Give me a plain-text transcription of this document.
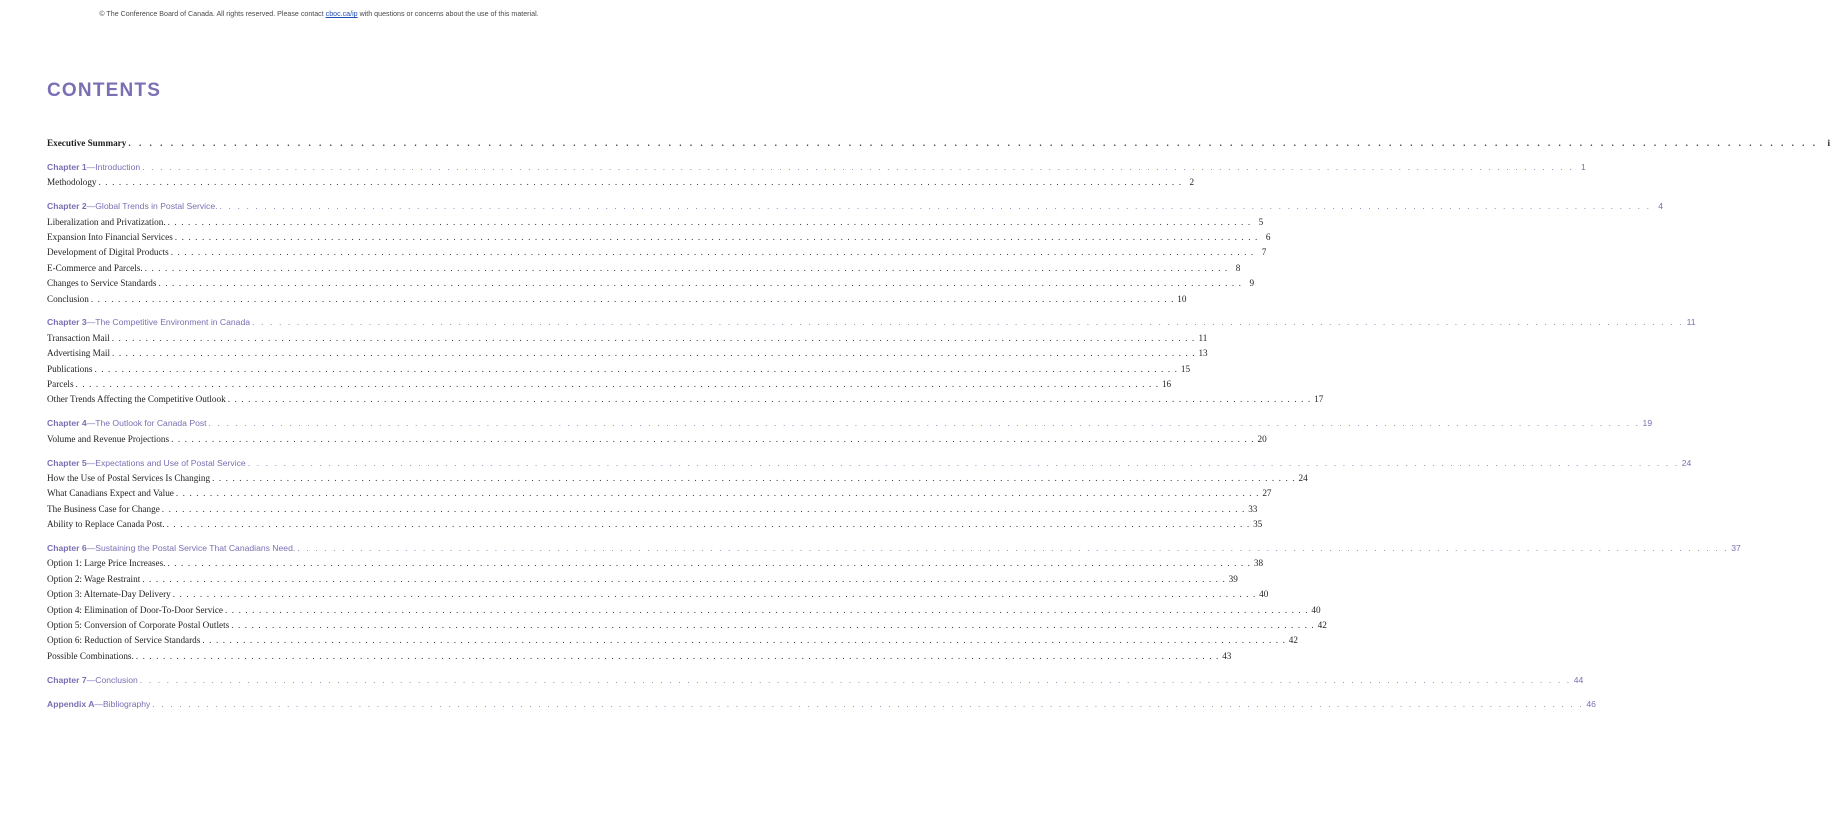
© The Conference Board of Canada. All rights reserved. Please contact cboc.ca/ip with questions or concerns about the use of this material.
CONTENTS
Executive Summary . . . . . . . . . . . . . . . . . . . . . . . . . . . . . . . . . . . . . . . . . . . . . . . . . . . . . . . . . . . . . . . . . . . . . . . . . . . . . . . . . . . . . . . . . . . . . . . . . . . . . . . . . . . . . . . . . . . . . . . . . . . . . . . . . . . . . . . . . . . . . . . . . . . . . . . . . . . . . . . .	i
Chapter 1 —Introduction . . . . . . . . . . . . . . . . . . . . . . . . . . . . . . . . . . . . . . . . . . . . . . . . . . . . . . . . . . . . . . . . . . . . . . . . . . . . . . . . . . . . . . . . . . . . . . . . . . . . . . . . . . . . . . . . . . . . . . . . . . . . . . . . . . . . . . . . . . . . . . . . . . . . . . . . . . . . . . . . 1
Methodology . . . . . . . . . . . . . . . . . . . . . . . . . . . . . . . . . . . . . . . . . . . . . . . . . . . . . . . . . . . . . . . . . . . . . . . . . . . . . . . . . . . . . . . . . . . . . . . . . . . . . . . . . . . . . . . . . . . . . . . . . . . . . . . . . . . . . . . . . . . . . . . . . . . . . . . . . . . . . . . . 2
Chapter 2 —Global Trends in Postal Service. . . . . . . . . . . . . . . . . . . . . . . . . . . . . . . . . . . . . . . . . . . . . . . . . . . . . . . . . . . . . . . . . . . . . . . . . . . . . . . . . . . . . . . . . . . . . . . . . . . . . . . . . . . . . . . . . . . . . . . . . . . . . . . . . . . . . . . . . . . . . . . . . . . . . . . . . . . . . . . . . 4
Liberalization and Privatization. . . . . . . . . . . . . . . . . . . . . . . . . . . . . . . . . . . . . . . . . . . . . . . . . . . . . . . . . . . . . . . . . . . . . . . . . . . . . . . . . . . . . . . . . . . . . . . . . . . . . . . . . . . . . . . . . . . . . . . . . . . . . . . . . . . . . . . . . . . . . . . . . . . . . . . . . . . . . . . . . 5
Expansion Into Financial Services . . . . . . . . . . . . . . . . . . . . . . . . . . . . . . . . . . . . . . . . . . . . . . . . . . . . . . . . . . . . . . . . . . . . . . . . . . . . . . . . . . . . . . . . . . . . . . . . . . . . . . . . . . . . . . . . . . . . . . . . . . . . . . . . . . . . . . . . . . . . . . . . . . . . . . . . . . . . . . . . 6
Development of Digital Products . . . . . . . . . . . . . . . . . . . . . . . . . . . . . . . . . . . . . . . . . . . . . . . . . . . . . . . . . . . . . . . . . . . . . . . . . . . . . . . . . . . . . . . . . . . . . . . . . . . . . . . . . . . . . . . . . . . . . . . . . . . . . . . . . . . . . . . . . . . . . . . . . . . . . . . . . . . . . . . . 7
E-Commerce and Parcels. . . . . . . . . . . . . . . . . . . . . . . . . . . . . . . . . . . . . . . . . . . . . . . . . . . . . . . . . . . . . . . . . . . . . . . . . . . . . . . . . . . . . . . . . . . . . . . . . . . . . . . . . . . . . . . . . . . . . . . . . . . . . . . . . . . . . . . . . . . . . . . . . . . . . . . . . . . . . . . . . 8
Changes to Service Standards . . . . . . . . . . . . . . . . . . . . . . . . . . . . . . . . . . . . . . . . . . . . . . . . . . . . . . . . . . . . . . . . . . . . . . . . . . . . . . . . . . . . . . . . . . . . . . . . . . . . . . . . . . . . . . . . . . . . . . . . . . . . . . . . . . . . . . . . . . . . . . . . . . . . . . . . . . . . . . . . 9
Conclusion . . . . . . . . . . . . . . . . . . . . . . . . . . . . . . . . . . . . . . . . . . . . . . . . . . . . . . . . . . . . . . . . . . . . . . . . . . . . . . . . . . . . . . . . . . . . . . . . . . . . . . . . . . . . . . . . . . . . . . . . . . . . . . . . . . . . . . . . . . . . . . . . . . . . . . . . . . . . . . . . 10
Chapter 3 —The Competitive Environment in Canada . . . . . . . . . . . . . . . . . . . . . . . . . . . . . . . . . . . . . . . . . . . . . . . . . . . . . . . . . . . . . . . . . . . . . . . . . . . . . . . . . . . . . . . . . . . . . . . . . . . . . . . . . . . . . . . . . . . . . . . . . . . . . . . . . . . . . . . . . . . . . . . . . . . . . . . . . . . . . . . . 11
Transaction Mail . . . . . . . . . . . . . . . . . . . . . . . . . . . . . . . . . . . . . . . . . . . . . . . . . . . . . . . . . . . . . . . . . . . . . . . . . . . . . . . . . . . . . . . . . . . . . . . . . . . . . . . . . . . . . . . . . . . . . . . . . . . . . . . . . . . . . . . . . . . . . . . . . . . . . . . . . . . . . . . . 11
Advertising Mail . . . . . . . . . . . . . . . . . . . . . . . . . . . . . . . . . . . . . . . . . . . . . . . . . . . . . . . . . . . . . . . . . . . . . . . . . . . . . . . . . . . . . . . . . . . . . . . . . . . . . . . . . . . . . . . . . . . . . . . . . . . . . . . . . . . . . . . . . . . . . . . . . . . . . . . . . . . . . . . . 13
Publications . . . . . . . . . . . . . . . . . . . . . . . . . . . . . . . . . . . . . . . . . . . . . . . . . . . . . . . . . . . . . . . . . . . . . . . . . . . . . . . . . . . . . . . . . . . . . . . . . . . . . . . . . . . . . . . . . . . . . . . . . . . . . . . . . . . . . . . . . . . . . . . . . . . . . . . . . . . . . . . . 15
Parcels . . . . . . . . . . . . . . . . . . . . . . . . . . . . . . . . . . . . . . . . . . . . . . . . . . . . . . . . . . . . . . . . . . . . . . . . . . . . . . . . . . . . . . . . . . . . . . . . . . . . . . . . . . . . . . . . . . . . . . . . . . . . . . . . . . . . . . . . . . . . . . . . . . . . . . . . . . . . . . . . 16
Other Trends Affecting the Competitive Outlook . . . . . . . . . . . . . . . . . . . . . . . . . . . . . . . . . . . . . . . . . . . . . . . . . . . . . . . . . . . . . . . . . . . . . . . . . . . . . . . . . . . . . . . . . . . . . . . . . . . . . . . . . . . . . . . . . . . . . . . . . . . . . . . . . . . . . . . . . . . . . . . . . . . . . . . . . . . . . . . . 17
Chapter 4 —The Outlook for Canada Post . . . . . . . . . . . . . . . . . . . . . . . . . . . . . . . . . . . . . . . . . . . . . . . . . . . . . . . . . . . . . . . . . . . . . . . . . . . . . . . . . . . . . . . . . . . . . . . . . . . . . . . . . . . . . . . . . . . . . . . . . . . . . . . . . . . . . . . . . . . . . . . . . . . . . . . . . . . . . . . . 19
Volume and Revenue Projections . . . . . . . . . . . . . . . . . . . . . . . . . . . . . . . . . . . . . . . . . . . . . . . . . . . . . . . . . . . . . . . . . . . . . . . . . . . . . . . . . . . . . . . . . . . . . . . . . . . . . . . . . . . . . . . . . . . . . . . . . . . . . . . . . . . . . . . . . . . . . . . . . . . . . . . . . . . . . . . . 20
Chapter 5 —Expectations and Use of Postal Service . . . . . . . . . . . . . . . . . . . . . . . . . . . . . . . . . . . . . . . . . . . . . . . . . . . . . . . . . . . . . . . . . . . . . . . . . . . . . . . . . . . . . . . . . . . . . . . . . . . . . . . . . . . . . . . . . . . . . . . . . . . . . . . . . . . . . . . . . . . . . . . . . . . . . . . . . . . . . . . . 24
How the Use of Postal Services Is Changing . . . . . . . . . . . . . . . . . . . . . . . . . . . . . . . . . . . . . . . . . . . . . . . . . . . . . . . . . . . . . . . . . . . . . . . . . . . . . . . . . . . . . . . . . . . . . . . . . . . . . . . . . . . . . . . . . . . . . . . . . . . . . . . . . . . . . . . . . . . . . . . . . . . . . . . . . . . . . . . . 24
What Canadians Expect and Value . . . . . . . . . . . . . . . . . . . . . . . . . . . . . . . . . . . . . . . . . . . . . . . . . . . . . . . . . . . . . . . . . . . . . . . . . . . . . . . . . . . . . . . . . . . . . . . . . . . . . . . . . . . . . . . . . . . . . . . . . . . . . . . . . . . . . . . . . . . . . . . . . . . . . . . . . . . . . . . . 27
The Business Case for Change . . . . . . . . . . . . . . . . . . . . . . . . . . . . . . . . . . . . . . . . . . . . . . . . . . . . . . . . . . . . . . . . . . . . . . . . . . . . . . . . . . . . . . . . . . . . . . . . . . . . . . . . . . . . . . . . . . . . . . . . . . . . . . . . . . . . . . . . . . . . . . . . . . . . . . . . . . . . . . . . 33
Ability to Replace Canada Post. . . . . . . . . . . . . . . . . . . . . . . . . . . . . . . . . . . . . . . . . . . . . . . . . . . . . . . . . . . . . . . . . . . . . . . . . . . . . . . . . . . . . . . . . . . . . . . . . . . . . . . . . . . . . . . . . . . . . . . . . . . . . . . . . . . . . . . . . . . . . . . . . . . . . . . . . . . . . . . . . 35
Chapter 6 —Sustaining the Postal Service That Canadians Need. . . . . . . . . . . . . . . . . . . . . . . . . . . . . . . . . . . . . . . . . . . . . . . . . . . . . . . . . . . . . . . . . . . . . . . . . . . . . . . . . . . . . . . . . . . . . . . . . . . . . . . . . . . . . . . . . . . . . . . . . . . . . . . . . . . . . . . . . . . . . . . . . . . . . . . . . . . . . . . . . 37
Option 1: Large Price Increases. . . . . . . . . . . . . . . . . . . . . . . . . . . . . . . . . . . . . . . . . . . . . . . . . . . . . . . . . . . . . . . . . . . . . . . . . . . . . . . . . . . . . . . . . . . . . . . . . . . . . . . . . . . . . . . . . . . . . . . . . . . . . . . . . . . . . . . . . . . . . . . . . . . . . . . . . . . . . . . . . 38
Option 2: Wage Restraint . . . . . . . . . . . . . . . . . . . . . . . . . . . . . . . . . . . . . . . . . . . . . . . . . . . . . . . . . . . . . . . . . . . . . . . . . . . . . . . . . . . . . . . . . . . . . . . . . . . . . . . . . . . . . . . . . . . . . . . . . . . . . . . . . . . . . . . . . . . . . . . . . . . . . . . . . . . . . . . . 39
Option 3: Alternate-Day Delivery . . . . . . . . . . . . . . . . . . . . . . . . . . . . . . . . . . . . . . . . . . . . . . . . . . . . . . . . . . . . . . . . . . . . . . . . . . . . . . . . . . . . . . . . . . . . . . . . . . . . . . . . . . . . . . . . . . . . . . . . . . . . . . . . . . . . . . . . . . . . . . . . . . . . . . . . . . . . . . . . 40
Option 4: Elimination of Door-To-Door Service . . . . . . . . . . . . . . . . . . . . . . . . . . . . . . . . . . . . . . . . . . . . . . . . . . . . . . . . . . . . . . . . . . . . . . . . . . . . . . . . . . . . . . . . . . . . . . . . . . . . . . . . . . . . . . . . . . . . . . . . . . . . . . . . . . . . . . . . . . . . . . . . . . . . . . . . . . . . . . . . 40
Option 5: Conversion of Corporate Postal Outlets . . . . . . . . . . . . . . . . . . . . . . . . . . . . . . . . . . . . . . . . . . . . . . . . . . . . . . . . . . . . . . . . . . . . . . . . . . . . . . . . . . . . . . . . . . . . . . . . . . . . . . . . . . . . . . . . . . . . . . . . . . . . . . . . . . . . . . . . . . . . . . . . . . . . . . . . . . . . . . . . 42
Option 6: Reduction of Service Standards . . . . . . . . . . . . . . . . . . . . . . . . . . . . . . . . . . . . . . . . . . . . . . . . . . . . . . . . . . . . . . . . . . . . . . . . . . . . . . . . . . . . . . . . . . . . . . . . . . . . . . . . . . . . . . . . . . . . . . . . . . . . . . . . . . . . . . . . . . . . . . . . . . . . . . . . . . . . . . . . 42
Possible Combinations. . . . . . . . . . . . . . . . . . . . . . . . . . . . . . . . . . . . . . . . . . . . . . . . . . . . . . . . . . . . . . . . . . . . . . . . . . . . . . . . . . . . . . . . . . . . . . . . . . . . . . . . . . . . . . . . . . . . . . . . . . . . . . . . . . . . . . . . . . . . . . . . . . . . . . . . . . . . . . . . . 43
Chapter 7 —Conclusion . . . . . . . . . . . . . . . . . . . . . . . . . . . . . . . . . . . . . . . . . . . . . . . . . . . . . . . . . . . . . . . . . . . . . . . . . . . . . . . . . . . . . . . . . . . . . . . . . . . . . . . . . . . . . . . . . . . . . . . . . . . . . . . . . . . . . . . . . . . . . . . . . . . . . . . . . . . . . . . . 44
Appendix A —Bibliography . . . . . . . . . . . . . . . . . . . . . . . . . . . . . . . . . . . . . . . . . . . . . . . . . . . . . . . . . . . . . . . . . . . . . . . . . . . . . . . . . . . . . . . . . . . . . . . . . . . . . . . . . . . . . . . . . . . . . . . . . . . . . . . . . . . . . . . . . . . . . . . . . . . . . . . . . . . . . . . . 46
